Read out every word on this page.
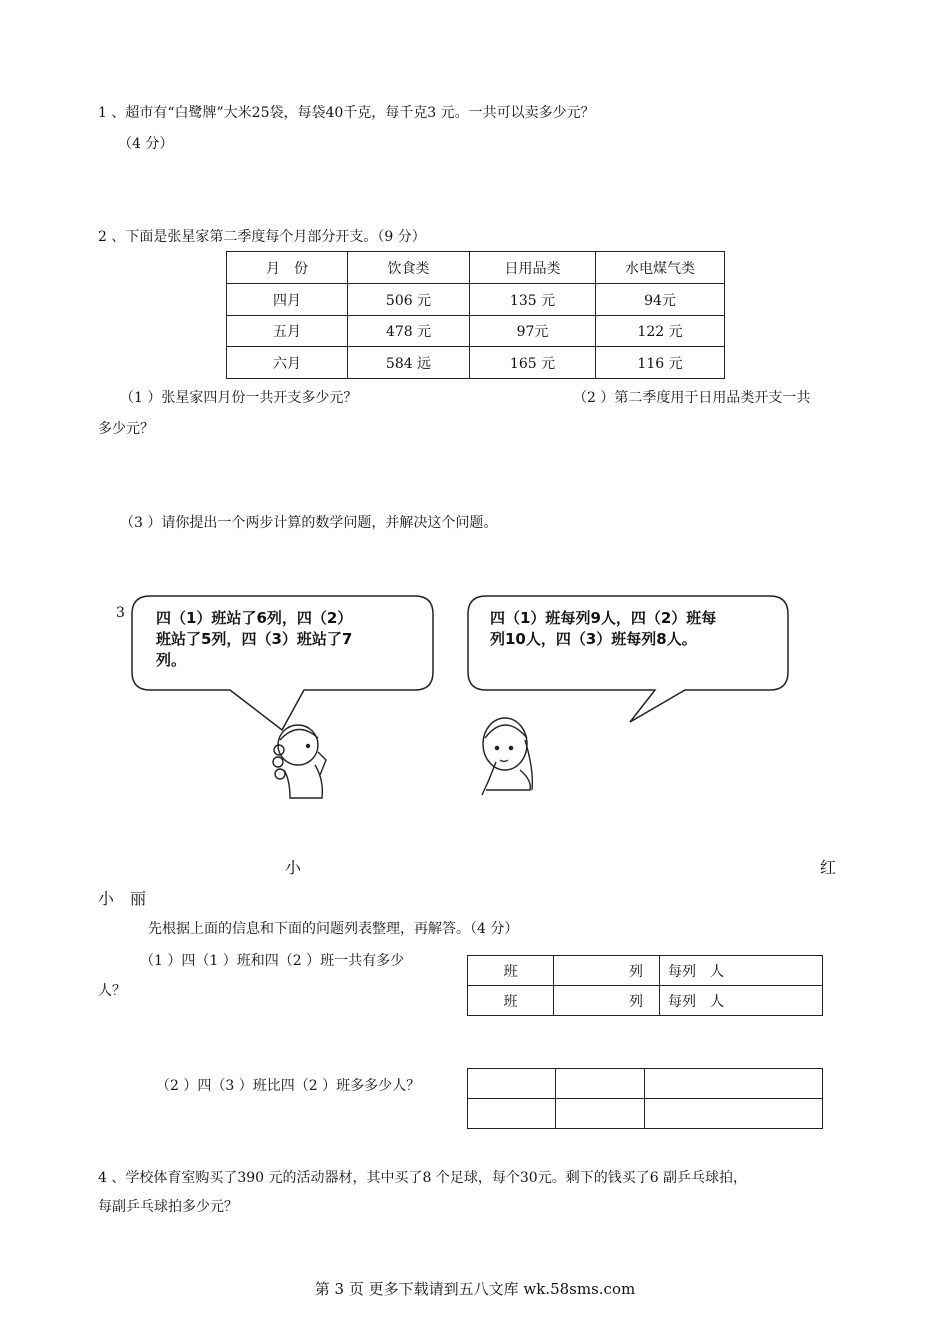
1 、超市有“白鹭牌”大米25袋，每袋40千克，每千克3 元。一共可以卖多少元？
（4 分）
2 、下面是张星家第二季度每个月部分开支。（9 分）
月　份	饮食类	日用品类	水电煤气类
四月	506 元	135 元	94元
五月	478 元	97元	122 元
六月	584 远	165 元	116 元
（1 ）张星家四月份一共开支多少元？	（2 ）第二季度用于日用品类开支一共
多少元？
（3 ）请你提出一个两步计算的数学问题，并解决这个问题。
3 四（1）班站了6列，四（2）
班站了5列，四（3）班站了7
列。
四（1）班每列9人，四（2）班每
列10人，四（3）班每列8人。
小	红
小　丽
先根据上面的信息和下面的问题列表整理，再解答。（4 分）
（1 ）四（1 ）班和四（2 ）班一共有多少
人？
班	列	每列　人
班	列	每列　人
（2 ）四（3 ）班比四（2 ）班多多少人？

4 、学校体育室购买了390 元的活动器材，其中买了8 个足球，每个30元。剩下的钱买了6 副乒乓球拍，
每副乒乓球拍多少元？
第 3 页 更多下载请到五八文库 wk.58sms.com
